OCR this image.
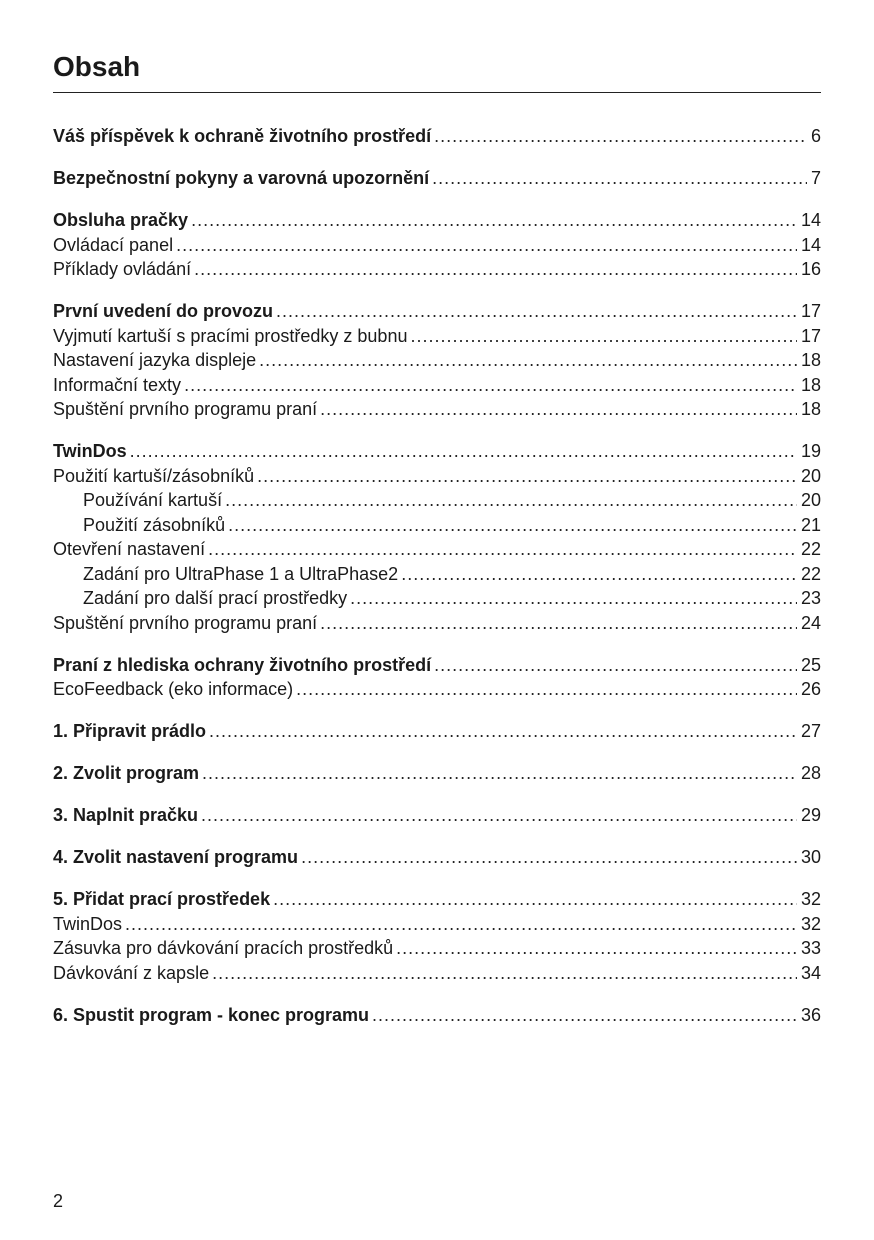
Obsah
Váš příspěvek k ochraně životního prostředí .....	6
Bezpečnostní pokyny a varovná upozornění .....	7
Obsluha pračky .....	14
Ovládací panel .....	14
Příklady ovládání .....	16
První uvedení do provozu .....	17
Vyjmutí kartuší s pracími prostředky z bubnu .....	17
Nastavení jazyka displeje .....	18
Informační texty .....	18
Spuštění prvního programu praní .....	18
TwinDos .....	19
Použití kartuší/zásobníků .....	20
Používání kartuší .....	20
Použití zásobníků .....	21
Otevření nastavení .....	22
Zadání pro UltraPhase 1 a UltraPhase2 .....	22
Zadání pro další prací prostředky .....	23
Spuštění prvního programu praní .....	24
Praní z hlediska ochrany životního prostředí .....	25
EcoFeedback (eko informace) .....	26
1. Připravit prádlo .....	27
2. Zvolit program .....	28
3. Naplnit pračku .....	29
4. Zvolit nastavení programu .....	30
5. Přidat prací prostředek .....	32
TwinDos .....	32
Zásuvka pro dávkování pracích prostředků .....	33
Dávkování z kapsle .....	34
6. Spustit program - konec programu .....	36
2
